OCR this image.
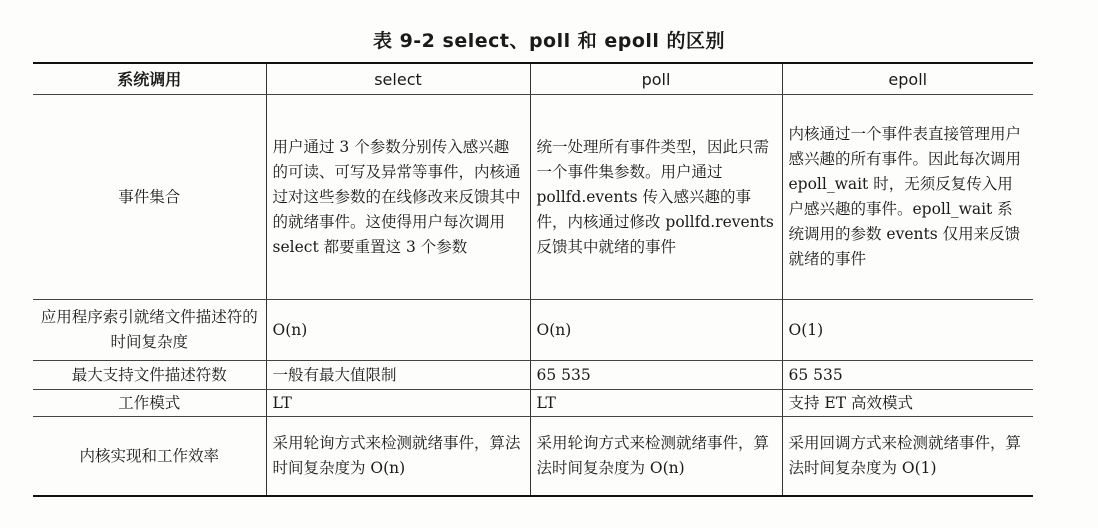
表 9-2 select、poll 和 epoll 的区别
系统调用	select	poll	epoll
事件集合	用户通过 3 个参数分别传入感兴趣的可读、可写及异常等事件，内核通过对这些参数的在线修改来反馈其中的就绪事件。这使得用户每次调用 select 都要重置这 3 个参数	统一处理所有事件类型，因此只需一个事件集参数。用户通过 pollfd.events 传入感兴趣的事件，内核通过修改 pollfd.revents 反馈其中就绪的事件	内核通过一个事件表直接管理用户感兴趣的所有事件。因此每次调用 epoll_wait 时，无须反复传入用户感兴趣的事件。epoll_wait 系统调用的参数 events 仅用来反馈就绪的事件
应用程序索引就绪文件描述符的时间复杂度	O(n)	O(n)	O(1)
最大支持文件描述符数	一般有最大值限制	65 535	65 535
工作模式	LT	LT	支持 ET 高效模式
内核实现和工作效率	采用轮询方式来检测就绪事件，算法时间复杂度为 O(n)	采用轮询方式来检测就绪事件，算法时间复杂度为 O(n)	采用回调方式来检测就绪事件，算法时间复杂度为 O(1)
